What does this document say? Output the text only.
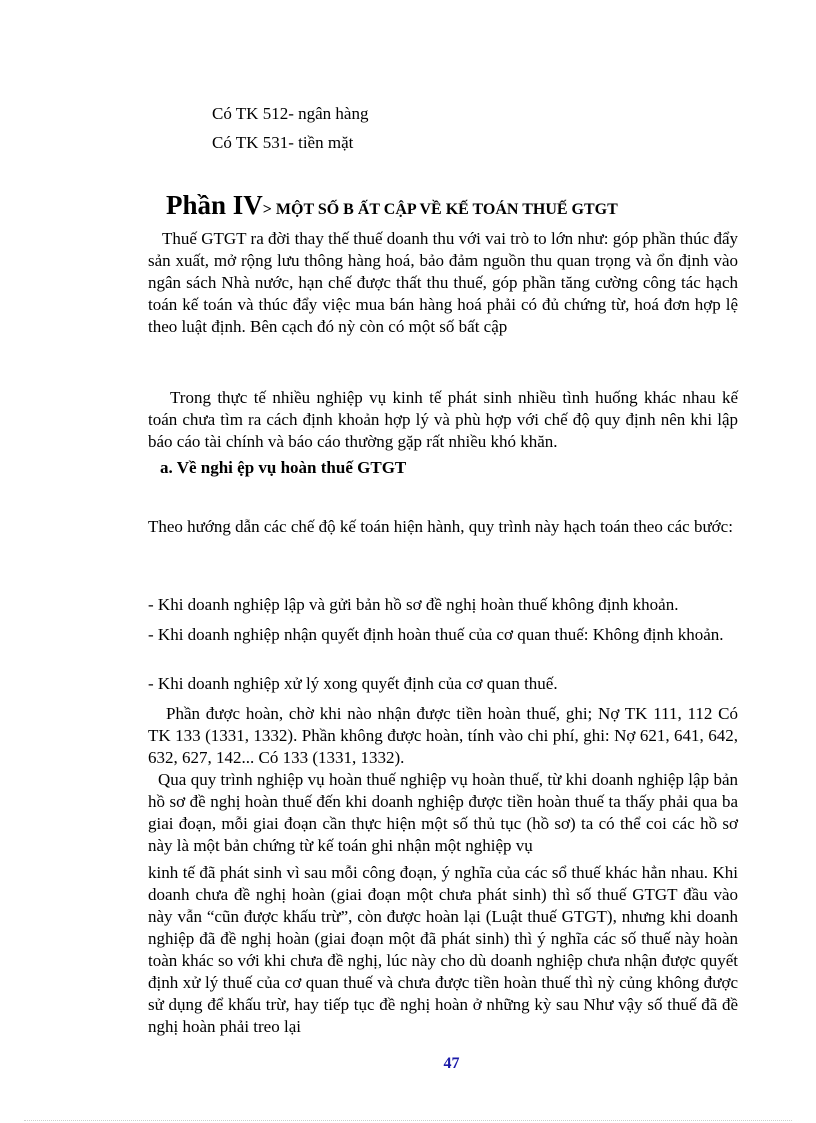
Có TK 512- ngân hàng

Có TK 531- tiền mặt

Phần IV> MỘT SỐ B ẤT CẬP VỀ KẾ TOÁN THUẾ GTGT

Thuế GTGT ra đời thay thế thuế doanh thu với vai trò to lớn như: góp phần thúc đẩy sản xuất, mở rộng lưu thông hàng hoá, bảo đảm nguồn thu quan trọng và ổn định vào ngân sách Nhà nước, hạn chế được thất thu thuế, góp phần tăng cường công tác hạch toán kế toán và thúc đẩy việc mua bán hàng hoá phải có đủ chứng từ, hoá đơn hợp lệ theo luật định. Bên cạch đó nỳ còn có một số bất cập

Trong thực tế nhiều nghiệp vụ kinh tế phát sinh nhiều tình huống khác nhau kế toán chưa tìm ra cách định khoản hợp lý và phù hợp với chế độ quy định nên khi lập báo cáo tài chính và báo cáo thường gặp rất nhiều khó khăn.

a. Về nghi ệp vụ hoàn thuế GTGT

Theo hướng dẫn các chế độ kế toán hiện hành, quy trình này hạch toán theo các bước:

- Khi doanh nghiệp lập và gửi bản hồ sơ đề nghị hoàn thuế không định khoản.

- Khi doanh nghiệp nhận quyết định hoàn thuế của cơ quan thuế: Không định khoản.

- Khi doanh nghiệp xử lý xong quyết định của cơ quan thuế.

Phần được hoàn, chờ khi nào nhận được tiền hoàn thuế, ghi; Nợ TK 111, 112 Có TK 133 (1331, 1332). Phần không được hoàn, tính vào chi phí, ghi: Nợ 621, 641, 642, 632, 627, 142... Có 133 (1331, 1332).

Qua quy trình nghiệp vụ hoàn thuế nghiệp vụ hoàn thuế, từ khi doanh nghiệp lập bản hồ sơ đề nghị hoàn thuế đến khi doanh nghiệp được tiền hoàn thuế ta thấy phải qua ba giai đoạn, mỗi giai đoạn cần thực hiện một số thủ tục (hồ sơ) ta có thể coi các hồ sơ này là một bản chứng từ kế toán ghi nhận một nghiệp vụ

kinh tế đã phát sinh vì sau mỗi công đoạn, ý nghĩa của các sổ thuế khác hẳn nhau. Khi doanh chưa đề nghị hoàn (giai đoạn một chưa phát sinh) thì số thuế GTGT đầu vào này vẫn “cũn được khấu trừ”, còn được hoàn lại (Luật thuế GTGT), nhưng khi doanh nghiệp đã đề nghị hoàn (giai đoạn một đã phát sinh) thì ý nghĩa các số thuế này hoàn toàn khác so với khi chưa đề nghị, lúc này cho dù doanh nghiệp chưa nhận được quyết định xử lý thuế của cơ quan thuế và chưa được tiền hoàn thuế thì nỳ củng không được sử dụng để khấu trừ, hay tiếp tục đề nghị hoàn ở những kỳ sau Như vậy số thuế đã đề nghị hoàn phải treo lại

47
